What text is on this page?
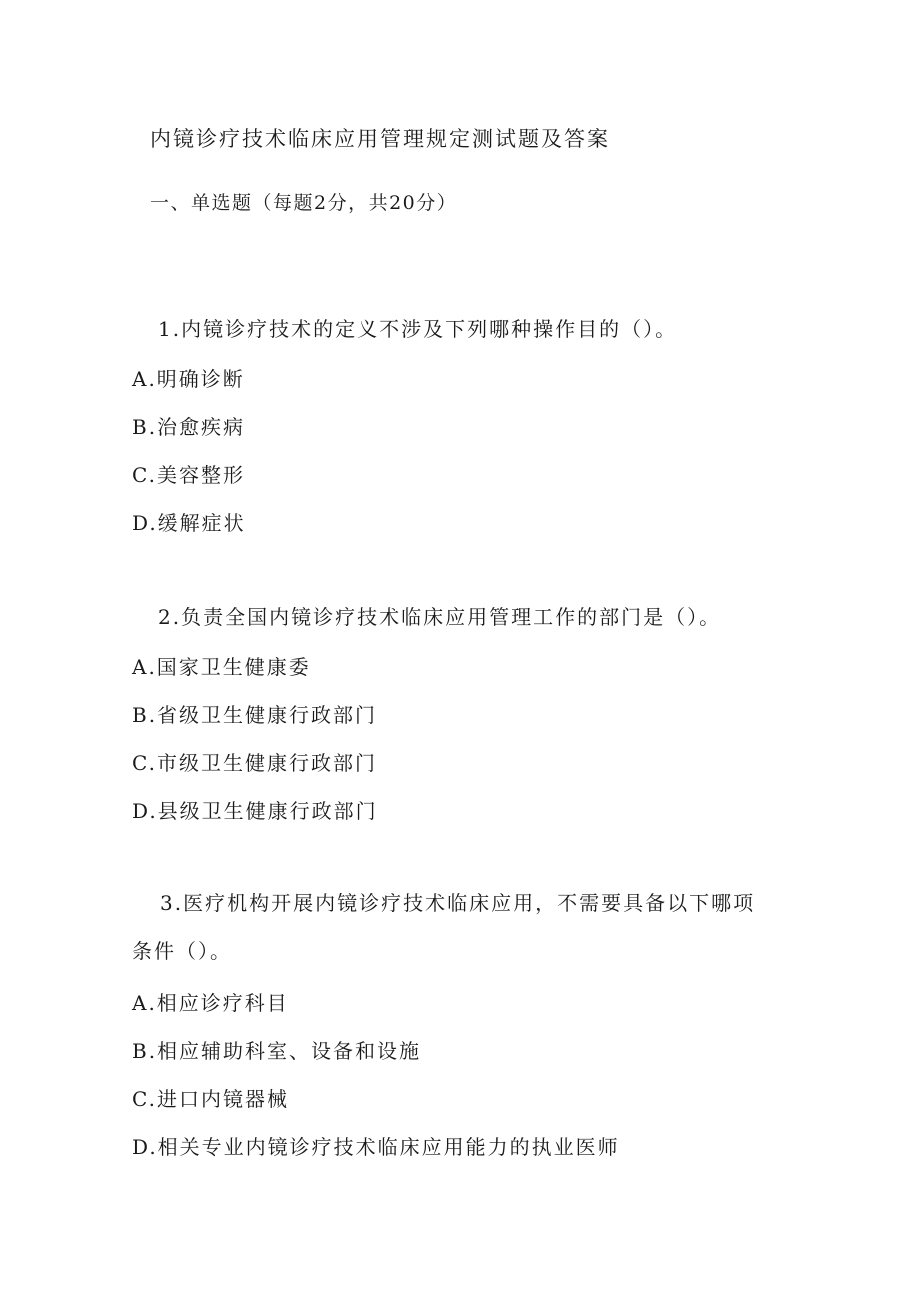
内镜诊疗技术临床应用管理规定测试题及答案
一、单选题（每题2分，共20分）
1.内镜诊疗技术的定义不涉及下列哪种操作目的（）。
A.明确诊断
B.治愈疾病
C.美容整形
D.缓解症状
2.负责全国内镜诊疗技术临床应用管理工作的部门是（）。
A.国家卫生健康委
B.省级卫生健康行政部门
C.市级卫生健康行政部门
D.县级卫生健康行政部门
3.医疗机构开展内镜诊疗技术临床应用，不需要具备以下哪项条件（）。
A.相应诊疗科目
B.相应辅助科室、设备和设施
C.进口内镜器械
D.相关专业内镜诊疗技术临床应用能力的执业医师
